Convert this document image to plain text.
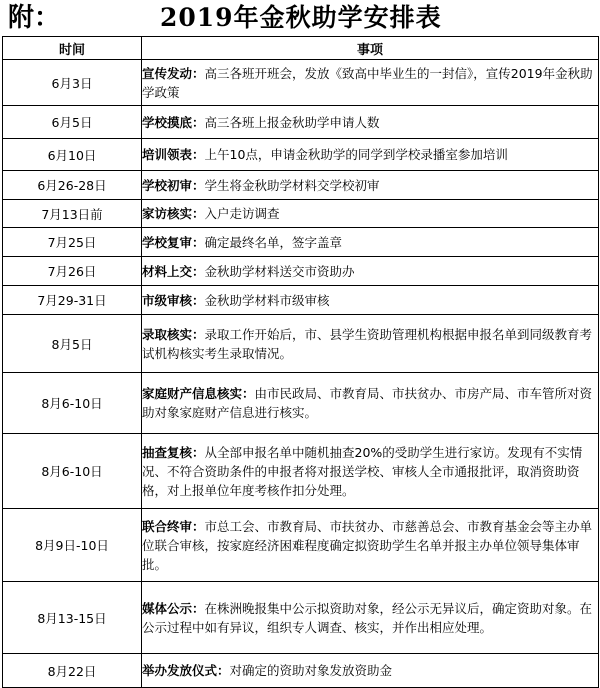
附：	2019年金秋助学安排表
时间	事项
6月3日	宣传发动：高三各班开班会，发放《致高中毕业生的一封信》，宣传2019年金秋助学政策
6月5日	学校摸底：高三各班上报金秋助学申请人数
6月10日	培训领表：上午10点，申请金秋助学的同学到学校录播室参加培训
6月26-28日	学校初审：学生将金秋助学材料交学校初审
7月13日前	家访核实：入户走访调查
7月25日	学校复审：确定最终名单，签字盖章
7月26日	材料上交：金秋助学材料送交市资助办
7月29-31日	市级审核：金秋助学材料市级审核
8月5日	录取核实：录取工作开始后，市、县学生资助管理机构根据申报名单到同级教育考试机构核实考生录取情况。
8月6-10日	家庭财产信息核实：由市民政局、市教育局、市扶贫办、市房产局、市车管所对资助对象家庭财产信息进行核实。
8月6-10日	抽查复核：从全部申报名单中随机抽查20%的受助学生进行家访。发现有不实情况、不符合资助条件的申报者将对报送学校、审核人全市通报批评，取消资助资格，对上报单位年度考核作扣分处理。
8月9日-10日	联合终审：市总工会、市教育局、市扶贫办、市慈善总会、市教育基金会等主办单位联合审核，按家庭经济困难程度确定拟资助学生名单并报主办单位领导集体审批。
8月13-15日	媒体公示：在株洲晚报集中公示拟资助对象，经公示无异议后，确定资助对象。在公示过程中如有异议，组织专人调查、核实，并作出相应处理。
8月22日	举办发放仪式：对确定的资助对象发放资助金
